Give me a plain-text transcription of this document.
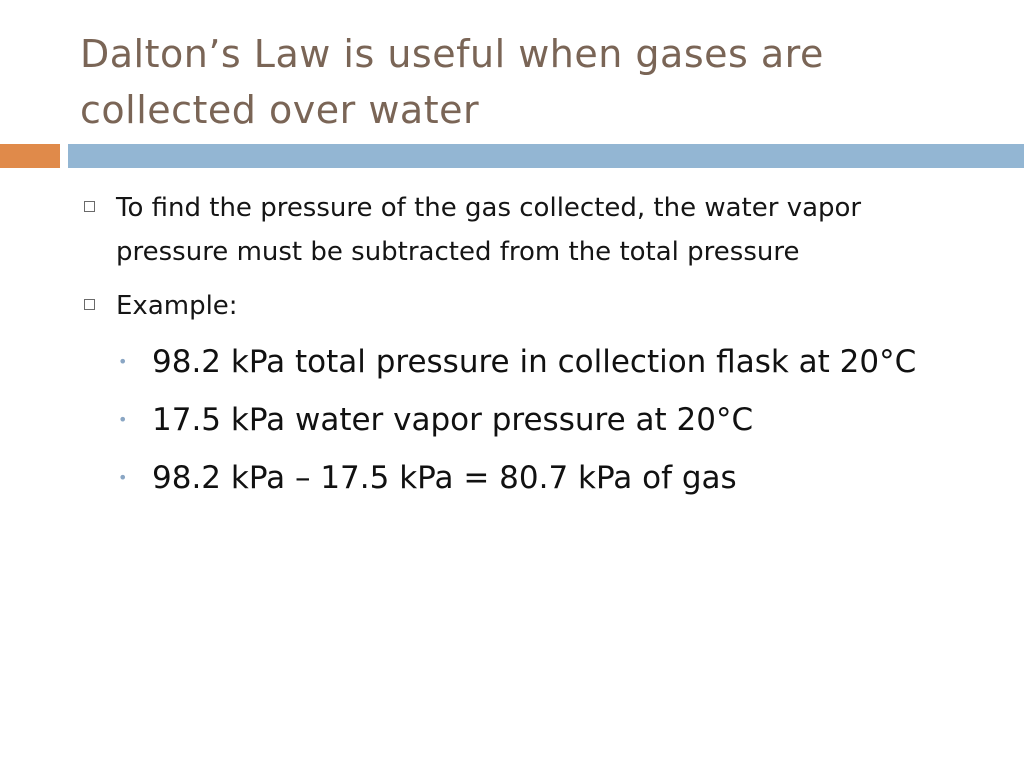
Dalton’s Law is useful when gases are collected over water
To find the pressure of the gas collected, the water vapor pressure must be subtracted from the total pressure
Example:
• 98.2 kPa total pressure in collection flask at 20°C
• 17.5 kPa water vapor pressure at 20°C
• 98.2 kPa – 17.5 kPa = 80.7 kPa of gas
